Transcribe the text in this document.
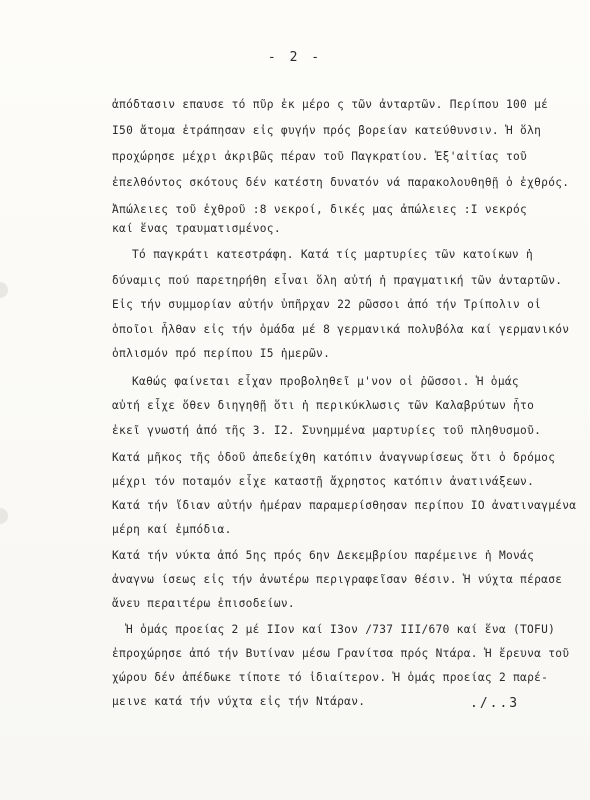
- 2 -
ἀπόδτασιν επαυσε τό πῦρ ἐκ μέρο ς τῶν ἀνταρτῶν. Περίπου 100 μέ
Ι50 ἄτομα ἐτράπησαν εἰς φυγήν πρός βορείαν κατεύθυνσιν. Ἡ ὅλη
προχώρησε μέχρι ἀκριβῶς πέραν τοῦ Παγκρατίου. Ἐξ'αἰτίας τοῦ
ἐπελθόντος σκότους δέν κατέστη δυνατόν νά παρακολουθηθῇ ὁ ἐχθρός.
Ἀπώλειες τοῦ ἐχθροῦ :8 νεκροί, δικές μας ἀπώλειες :Ι νεκρός
καί ἕνας τραυματισμένος.
Τό παγκράτι κατεστράφη. Κατά τίς μαρτυρίες τῶν κατοίκων ἡ
δύναμις πού παρετηρήθη εἶναι ὅλη αὐτή ἡ πραγματική τῶν ἀνταρτῶν.
Εἰς τήν συμμορίαν αὐτήν ὑπῆρχαν 22 ρῶσσοι ἀπό τήν Τρίπολιν οἱ
ὁποῖοι ἦλθαν εἰς τήν ὁμάδα μέ 8 γερμανικά πολυβόλα καί γερμανικόν
ὁπλισμόν πρό περίπου Ι5 ἡμερῶν.
Καθώς φαίνεται εἶχαν προβοληθεῖ μ'νον οἱ ῥῶσσοι. Ἡ ὁμάς
αὐτή εἶχε ὅθεν διηγηθῇ ὅτι ἡ περικύκλωσις τῶν Καλαβρύτων ἦτο
ἐκεῖ γνωστή ἀπό τῆς 3. Ι2. Συνημμένα μαρτυρίες τοῦ πληθυσμοῦ.
Κατά μῆκος τῆς ὁδοῦ ἀπεδείχθη κατόπιν ἀναγνωρίσεως ὅτι ὁ δρόμος
μέχρι τόν ποταμόν εἶχε καταστῇ ἄχρηστος κατόπιν ἀνατινάξεων.
Κατά τήν ἴδιαν αὐτήν ἡμέραν παραμερίσθησαν περίπου ΙΟ ἀνατιναγμένα
μέρη καί ἐμπόδια.
Κατά τήν νύκτα ἀπό 5ης πρός 6ην Δεκεμβρίου παρέμεινε ἡ Μονάς
ἀναγνω ίσεως εἰς τήν ἀνωτέρω περιγραφεῖσαν θέσιν. Ἡ νύχτα πέρασε
ἄνευ περαιτέρω ἐπισοδείων.
Ἡ ὁμάς προείας 2 μέ ΙΙον καί Ι3ον /737 ΙΙΙ/670 καί ἕνα (TOFU)
ἐπροχώρησε ἀπό τήν Βυτίναν μέσω Γρανίτσα πρός Ντάρα. Ἡ ἔρευνα τοῦ
χώρου δέν ἀπέδωκε τίποτε τό ἰδιαίτερον. Ἡ ὁμάς προείας 2 παρέ-
μεινε κατά τήν νύχτα εἰς τήν Ντάραν.	./..3
